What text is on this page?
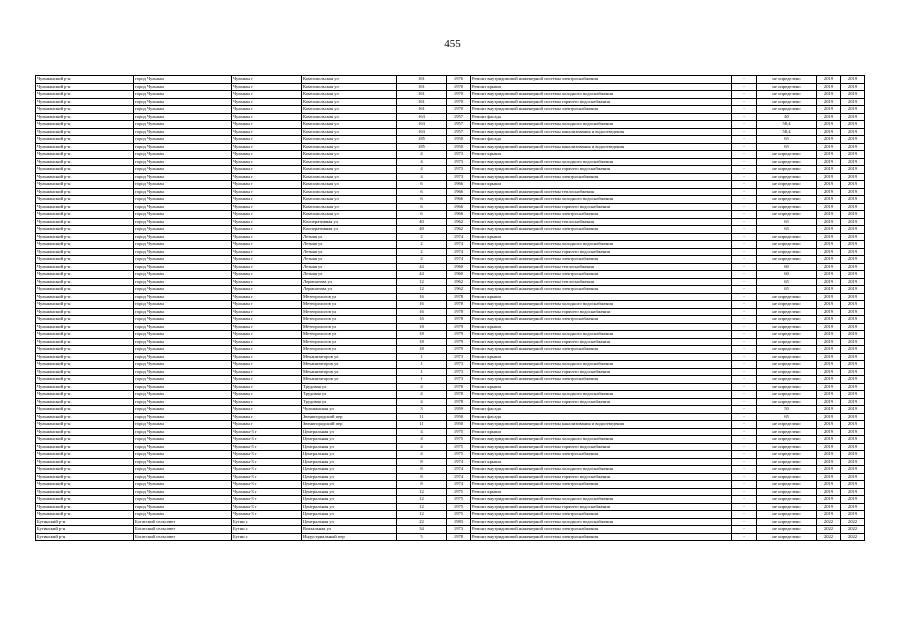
455
Чульманский р-н	город Чульман	Чульман г	Комсомольская ул	161	1976	Ремонт внутридомовой инженерной системы электроснабжения	-	не определено	2019	2019
Чульманский р-н	город Чульман	Чульман г	Комсомольская ул	161	1970	Ремонт крыши	-	не определено	2019	2019
Чульманский р-н	город Чульман	Чульман г	Комсомольская ул	161	1970	Ремонт внутридомовой инженерной системы холодного водоснабжения	-	не определено	2019	2019
Чульманский р-н	город Чульман	Чульман г	Комсомольская ул	161	1970	Ремонт внутридомовой инженерной системы горячего водоснабжения	-	не определено	2019	2019
Чульманский р-н	город Чульман	Чульман г	Комсомольская ул	161	1970	Ремонт внутридомовой инженерной системы электроснабжения	-	не определено	2019	2019
Чульманский р-н	город Чульман	Чульман г	Комсомольская ул	163	1957	Ремонт фасада	-	40	2019	2019
Чульманский р-н	город Чульман	Чульман г	Комсомольская ул	163	1957	Ремонт внутридомовой инженерной системы холодного водоснабжения	-	58,4	2019	2019
Чульманский р-н	город Чульман	Чульман г	Комсомольская ул	163	1957	Ремонт внутридомовой инженерной системы канализования и водоотведения	-	58,4	2019	2019
Чульманский р-н	город Чульман	Чульман г	Комсомольская ул	185	1950	Ремонт фасада	-	65	2019	2019
Чульманский р-н	город Чульман	Чульман г	Комсомольская ул	185	1950	Ремонт внутридомовой инженерной системы канализования и водоотведения	-	65	2019	2019
Чульманский р-н	город Чульман	Чульман г	Комсомольская ул	4	1973	Ремонт крыши	-	не определено	2019	2019
Чульманский р-н	город Чульман	Чульман г	Комсомольская ул	4	1973	Ремонт внутридомовой инженерной системы холодного водоснабжения	-	не определено	2019	2019
Чульманский р-н	город Чульман	Чульман г	Комсомольская ул	4	1973	Ремонт внутридомовой инженерной системы горячего водоснабжения	-	не определено	2019	2019
Чульманский р-н	город Чульман	Чульман г	Комсомольская ул	4	1973	Ремонт внутридомовой инженерной системы электроснабжения	-	не определено	2019	2019
Чульманский р-н	город Чульман	Чульман г	Комсомольская ул	6	1966	Ремонт крыши	-	не определено	2019	2019
Чульманский р-н	город Чульман	Чульман г	Комсомольская ул	6	1966	Ремонт внутридомовой инженерной системы теплоснабжения	-	не определено	2019	2019
Чульманский р-н	город Чульман	Чульман г	Комсомольская ул	6	1966	Ремонт внутридомовой инженерной системы холодного водоснабжения	-	не определено	2019	2019
Чульманский р-н	город Чульман	Чульман г	Комсомольская ул	6	1966	Ремонт внутридомовой инженерной системы горячего водоснабжения	-	не определено	2019	2019
Чульманский р-н	город Чульман	Чульман г	Комсомольская ул	6	1966	Ремонт внутридомовой инженерной системы электроснабжения	-	не определено	2019	2019
Чульманский р-н	город Чульман	Чульман г	Кооперативная ул	40	1962	Ремонт внутридомовой инженерной системы теплоснабжения	-	65	2019	2019
Чульманский р-н	город Чульман	Чульман г	Кооперативная ул	40	1962	Ремонт внутридомовой инженерной системы электроснабжения	-	65	2019	2019
Чульманский р-н	город Чульман	Чульман г	Летняя ул	2	1974	Ремонт крыши	-	не определено	2019	2019
Чульманский р-н	город Чульман	Чульман г	Летняя ул	2	1974	Ремонт внутридомовой инженерной системы холодного водоснабжения	-	не определено	2019	2019
Чульманский р-н	город Чульман	Чульман г	Летняя ул	2	1974	Ремонт внутридомовой инженерной системы горячего водоснабжения	-	не определено	2019	2019
Чульманский р-н	город Чульман	Чульман г	Летняя ул	2	1974	Ремонт внутридомовой инженерной системы электроснабжения	-	не определено	2019	2019
Чульманский р-н	город Чульман	Чульман г	Летняя ул	44	1960	Ремонт внутридомовой инженерной системы теплоснабжения	-	60	2019	2019
Чульманский р-н	город Чульман	Чульман г	Летняя ул	44	1960	Ремонт внутридомовой инженерной системы электроснабжения	-	60	2019	2019
Чульманский р-н	город Чульман	Чульман г	Лермонтова ул	12	1962	Ремонт внутридомовой инженерной системы теплоснабжения	-	65	2019	2019
Чульманский р-н	город Чульман	Чульман г	Лермонтова ул	12	1962	Ремонт внутридомовой инженерной системы электроснабжения	-	65	2019	2019
Чульманский р-н	город Чульман	Чульман г	Метеорологов ул	16	1978	Ремонт крыши	-	не определено	2019	2019
Чульманский р-н	город Чульман	Чульман г	Метеорологов ул	16	1978	Ремонт внутридомовой инженерной системы холодного водоснабжения	-	не определено	2019	2019
Чульманский р-н	город Чульман	Чульман г	Метеорологов ул	16	1978	Ремонт внутридомовой инженерной системы горячего водоснабжения	-	не определено	2019	2019
Чульманский р-н	город Чульман	Чульман г	Метеорологов ул	16	1978	Ремонт внутридомовой инженерной системы электроснабжения	-	не определено	2019	2019
Чульманский р-н	город Чульман	Чульман г	Метеорологов ул	18	1979	Ремонт крыши	-	не определено	2019	2019
Чульманский р-н	город Чульман	Чульман г	Метеорологов ул	18	1979	Ремонт внутридомовой инженерной системы холодного водоснабжения	-	не определено	2019	2019
Чульманский р-н	город Чульман	Чульман г	Метеорологов ул	18	1979	Ремонт внутридомовой инженерной системы горячего водоснабжения	-	не определено	2019	2019
Чульманский р-н	город Чульман	Чульман г	Метеорологов ул	18	1979	Ремонт внутридомовой инженерной системы электроснабжения	-	не определено	2019	2019
Чульманский р-н	город Чульман	Чульман г	Механизаторов ул	1	1973	Ремонт крыши	-	не определено	2019	2019
Чульманский р-н	город Чульман	Чульман г	Механизаторов ул	1	1973	Ремонт внутридомовой инженерной системы холодного водоснабжения	-	не определено	2019	2019
Чульманский р-н	город Чульман	Чульман г	Механизаторов ул	1	1973	Ремонт внутридомовой инженерной системы горячего водоснабжения	-	не определено	2019	2019
Чульманский р-н	город Чульман	Чульман г	Механизаторов ул	1	1973	Ремонт внутридомовой инженерной системы электроснабжения	-	не определено	2019	2019
Чульманский р-н	город Чульман	Чульман г	Трудовая ул	4	1978	Ремонт крыши	-	не определено	2019	2019
Чульманский р-н	город Чульман	Чульман г	Трудовая ул	4	1978	Ремонт внутридомовой инженерной системы холодного водоснабжения	-	не определено	2019	2019
Чульманский р-н	город Чульман	Чульман г	Трудовая ул	4	1978	Ремонт внутридомовой инженерной системы горячего водоснабжения	-	не определено	2019	2019
Чульманский р-н	город Чульман	Чульман г	Чульманская ул	3	1959	Ремонт фасада	-	50	2019	2019
Чульманский р-н	город Чульман	Чульман г	Звенигородский пер	11	1950	Ремонт фасада	-	65	2019	2019
Чульманский р-н	город Чульман	Чульман г	Звенигородский пер	11	1950	Ремонт внутридомовой инженерной системы канализования и водоотведения	-	не определено	2019	2019
Чульманский р-н	город Чульман	Чульман-3 г	Центральная ул	4	1975	Ремонт крыши	-	не определено	2019	2019
Чульманский р-н	город Чульман	Чульман-3 г	Центральная ул	4	1975	Ремонт внутридомовой инженерной системы холодного водоснабжения	-	не определено	2019	2019
Чульманский р-н	город Чульман	Чульман-3 г	Центральная ул	4	1975	Ремонт внутридомовой инженерной системы горячего водоснабжения	-	не определено	2019	2019
Чульманский р-н	город Чульман	Чульман-3 г	Центральная ул	4	1975	Ремонт внутридомовой инженерной системы электроснабжения	-	не определено	2019	2019
Чульманский р-н	город Чульман	Чульман-3 г	Центральная ул	8	1974	Ремонт крыши	-	не определено	2019	2019
Чульманский р-н	город Чульман	Чульман-3 г	Центральная ул	8	1974	Ремонт внутридомовой инженерной системы холодного водоснабжения	-	не определено	2019	2019
Чульманский р-н	город Чульман	Чульман-3 г	Центральная ул	8	1974	Ремонт внутридомовой инженерной системы горячего водоснабжения	-	не определено	2019	2019
Чульманский р-н	город Чульман	Чульман-3 г	Центральная ул	8	1974	Ремонт внутридомовой инженерной системы электроснабжения	-	не определено	2019	2019
Чульманский р-н	город Чульман	Чульман-3 г	Центральная ул	12	1975	Ремонт крыши	-	не определено	2019	2019
Чульманский р-н	город Чульман	Чульман-3 г	Центральная ул	12	1975	Ремонт внутридомовой инженерной системы холодного водоснабжения	-	не определено	2019	2019
Чульманский р-н	город Чульман	Чульман-3 г	Центральная ул	12	1975	Ремонт внутридомовой инженерной системы горячего водоснабжения	-	не определено	2019	2019
Чульманский р-н	город Чульман	Чульман-3 г	Центральная ул	12	1975	Ремонт внутридомовой инженерной системы электроснабжения	-	не определено	2019	2019
Бугинский р-н	Богатский сельсовет	Бугин с	Центральная ул	22	1983	Ремонт внутридомовой инженерной системы холодного водоснабжения	-	не определено	2022	2022
Бугинский р-н	Богатский сельсовет	Бугин с	Вокзальная ул	34	1973	Ремонт внутридомовой инженерной системы электроснабжения	-	не определено	2022	2022
Бугинский р-н	Богатский сельсовет	Бугин с	Индустриальный пер	5	1978	Ремонт внутридомовой инженерной системы электроснабжения	-	не определено	2022	2022
